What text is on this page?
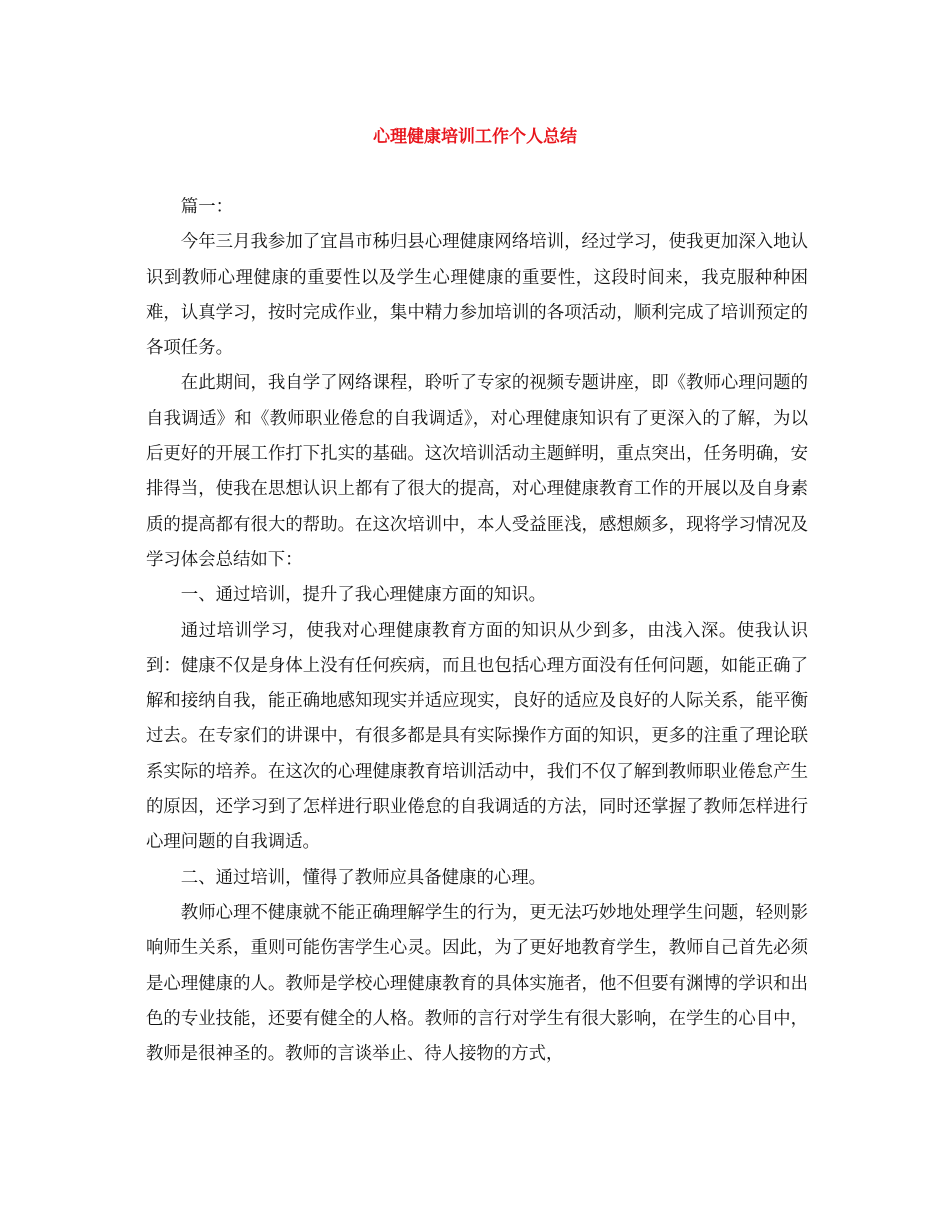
心理健康培训工作个人总结

篇一：

今年三月我参加了宜昌市秭归县心理健康网络培训，经过学习，使我更加深入地认识到教师心理健康的重要性以及学生心理健康的重要性，这段时间来，我克服种种困难，认真学习，按时完成作业，集中精力参加培训的各项活动，顺利完成了培训预定的各项任务。

在此期间，我自学了网络课程，聆听了专家的视频专题讲座，即《教师心理问题的自我调适》和《教师职业倦怠的自我调适》，对心理健康知识有了更深入的了解，为以后更好的开展工作打下扎实的基础。这次培训活动主题鲜明，重点突出，任务明确，安排得当，使我在思想认识上都有了很大的提高，对心理健康教育工作的开展以及自身素质的提高都有很大的帮助。在这次培训中，本人受益匪浅，感想颇多，现将学习情况及学习体会总结如下：

一、通过培训，提升了我心理健康方面的知识。

通过培训学习，使我对心理健康教育方面的知识从少到多，由浅入深。使我认识到：健康不仅是身体上没有任何疾病，而且也包括心理方面没有任何问题，如能正确了解和接纳自我，能正确地感知现实并适应现实，良好的适应及良好的人际关系，能平衡过去。在专家们的讲课中，有很多都是具有实际操作方面的知识，更多的注重了理论联系实际的培养。在这次的心理健康教育培训活动中，我们不仅了解到教师职业倦怠产生的原因，还学习到了怎样进行职业倦怠的自我调适的方法，同时还掌握了教师怎样进行心理问题的自我调适。

二、通过培训，懂得了教师应具备健康的心理。

教师心理不健康就不能正确理解学生的行为，更无法巧妙地处理学生问题，轻则影响师生关系，重则可能伤害学生心灵。因此，为了更好地教育学生，教师自己首先必须是心理健康的人。教师是学校心理健康教育的具体实施者，他不但要有渊博的学识和出色的专业技能，还要有健全的人格。教师的言行对学生有很大影响，在学生的心目中，教师是很神圣的。教师的言谈举止、待人接物的方式，
